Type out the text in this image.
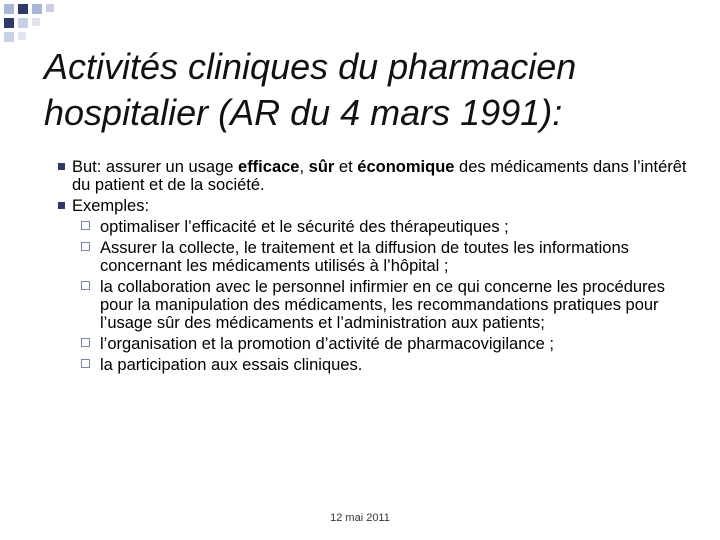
Activités cliniques du pharmacien hospitalier (AR du 4 mars 1991):
But: assurer un usage efficace, sûr et économique des médicaments dans l’intérêt du patient et de la société.
Exemples:
optimaliser l’efficacité et le sécurité des thérapeutiques ;
Assurer la collecte, le traitement et la diffusion de toutes les informations concernant les médicaments utilisés à l’hôpital ;
la collaboration avec le personnel infirmier en ce qui concerne les procédures pour la manipulation des médicaments, les recommandations pratiques pour l’usage sûr des médicaments et l’administration aux patients;
l’organisation et la promotion d’activité de pharmacovigilance ;
la participation aux essais cliniques.
12 mai 2011
